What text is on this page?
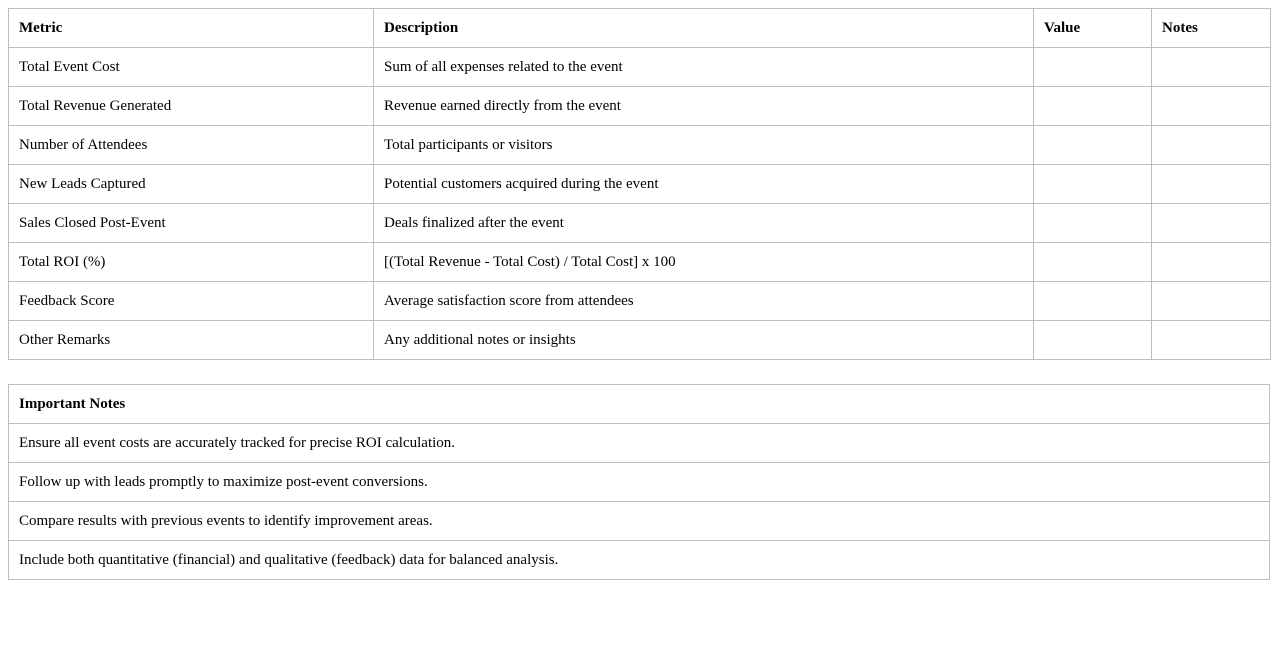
Metric	Description	Value	Notes
Total Event Cost	Sum of all expenses related to the event		
Total Revenue Generated	Revenue earned directly from the event		
Number of Attendees	Total participants or visitors		
New Leads Captured	Potential customers acquired during the event		
Sales Closed Post-Event	Deals finalized after the event		
Total ROI (%)	[(Total Revenue - Total Cost) / Total Cost] x 100		
Feedback Score	Average satisfaction score from attendees		
Other Remarks	Any additional notes or insights		
Important Notes
Ensure all event costs are accurately tracked for precise ROI calculation.
Follow up with leads promptly to maximize post-event conversions.
Compare results with previous events to identify improvement areas.
Include both quantitative (financial) and qualitative (feedback) data for balanced analysis.
